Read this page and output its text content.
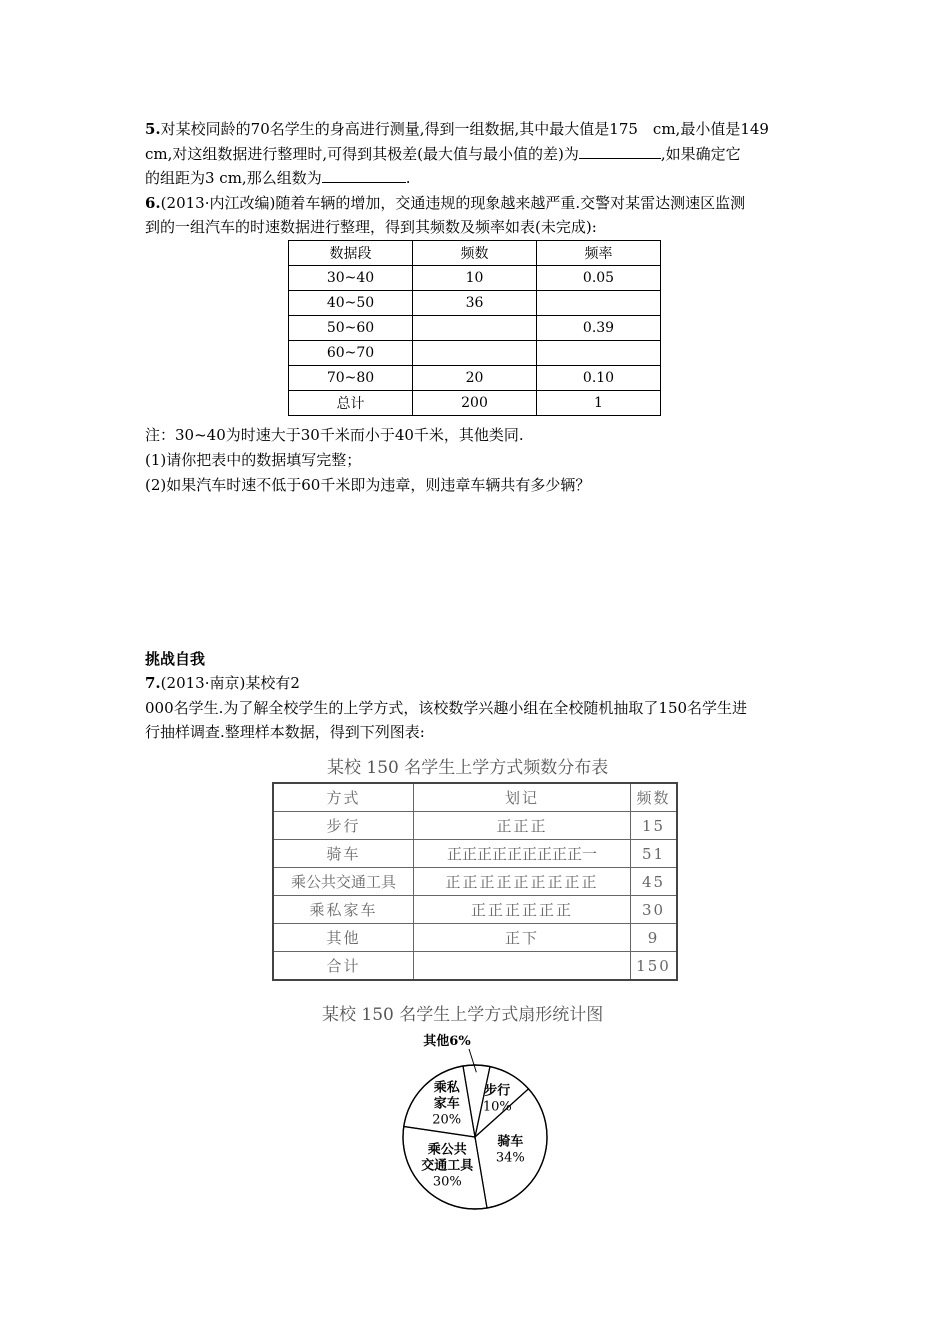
5.对某校同龄的70名学生的身高进行测量,得到一组数据,其中最大值是175　cm,最小值是149
cm,对这组数据进行整理时,可得到其极差(最大值与最小值的差)为	,如果确定它
的组距为3 cm,那么组数为	.
6.(2013·内江改编)随着车辆的增加，交通违规的现象越来越严重.交警对某雷达测速区监测
到的一组汽车的时速数据进行整理，得到其频数及频率如表(未完成):
数据段	频数	频率
30~40	10	0.05
40~50	36	
50~60		0.39
60~70		
70~80	20	0.10
总计	200	1
注：30~40为时速大于30千米而小于40千米，其他类同.
(1)请你把表中的数据填写完整；
(2)如果汽车时速不低于60千米即为违章，则违章车辆共有多少辆？
挑战自我
7.(2013·南京)某校有2
000名学生.为了解全校学生的上学方式，该校数学兴趣小组在全校随机抽取了150名学生进
行抽样调查.整理样本数据，得到下列图表:
某校 150 名学生上学方式频数分布表
方式	划记	频数
步行	正正正	15
骑车	正正正正正正正正正一	51
乘公共交通工具	正正正正正正正正正	45
乘私家车	正正正正正正	30
其他	正下	9
合计		150
某校 150 名学生上学方式扇形统计图
步行
10%
骑车
34%
乘公共
交通工具
30%
乘私
家车
20%
其他6%
